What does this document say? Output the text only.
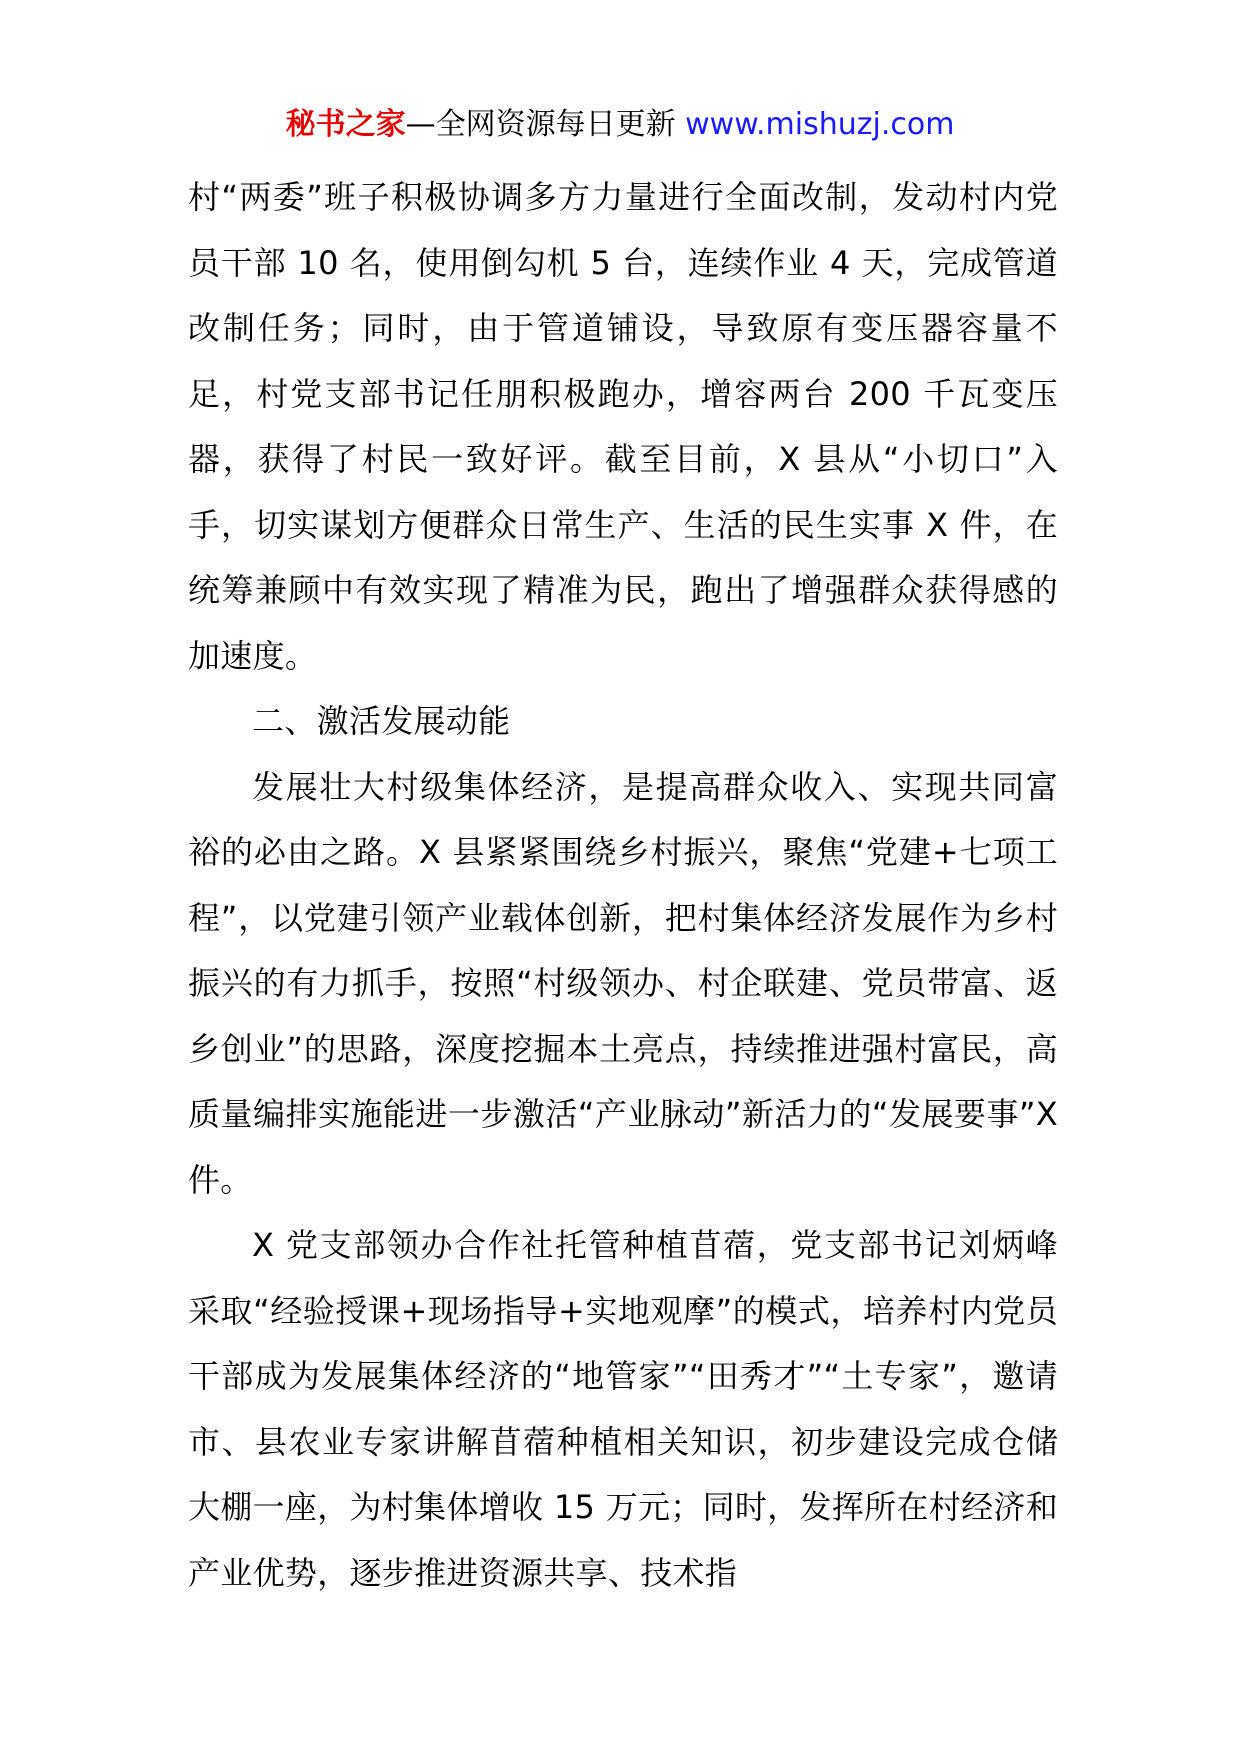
秘书之家—全网资源每日更新 www.mishuzj.com

村“两委”班子积极协调多方力量进行全面改制，发动村内党员干部 10 名，使用倒勾机 5 台，连续作业 4 天，完成管道改制任务；同时，由于管道铺设，导致原有变压器容量不足，村党支部书记任朋积极跑办，增容两台 200 千瓦变压器，获得了村民一致好评。截至目前，X 县从“小切口”入手，切实谋划方便群众日常生产、生活的民生实事 X 件，在统筹兼顾中有效实现了精准为民，跑出了增强群众获得感的加速度。

二、激活发展动能

发展壮大村级集体经济，是提高群众收入、实现共同富裕的必由之路。X 县紧紧围绕乡村振兴，聚焦“党建+七项工程”，以党建引领产业载体创新，把村集体经济发展作为乡村振兴的有力抓手，按照“村级领办、村企联建、党员带富、返乡创业”的思路，深度挖掘本土亮点，持续推进强村富民，高质量编排实施能进一步激活“产业脉动”新活力的“发展要事”X 件。

X 党支部领办合作社托管种植苜蓿，党支部书记刘炳峰采取“经验授课+现场指导+实地观摩”的模式，培养村内党员干部成为发展集体经济的“地管家”“田秀才”“土专家”，邀请市、县农业专家讲解苜蓿种植相关知识，初步建设完成仓储大棚一座，为村集体增收 15 万元；同时，发挥所在村经济和产业优势，逐步推进资源共享、技术指
